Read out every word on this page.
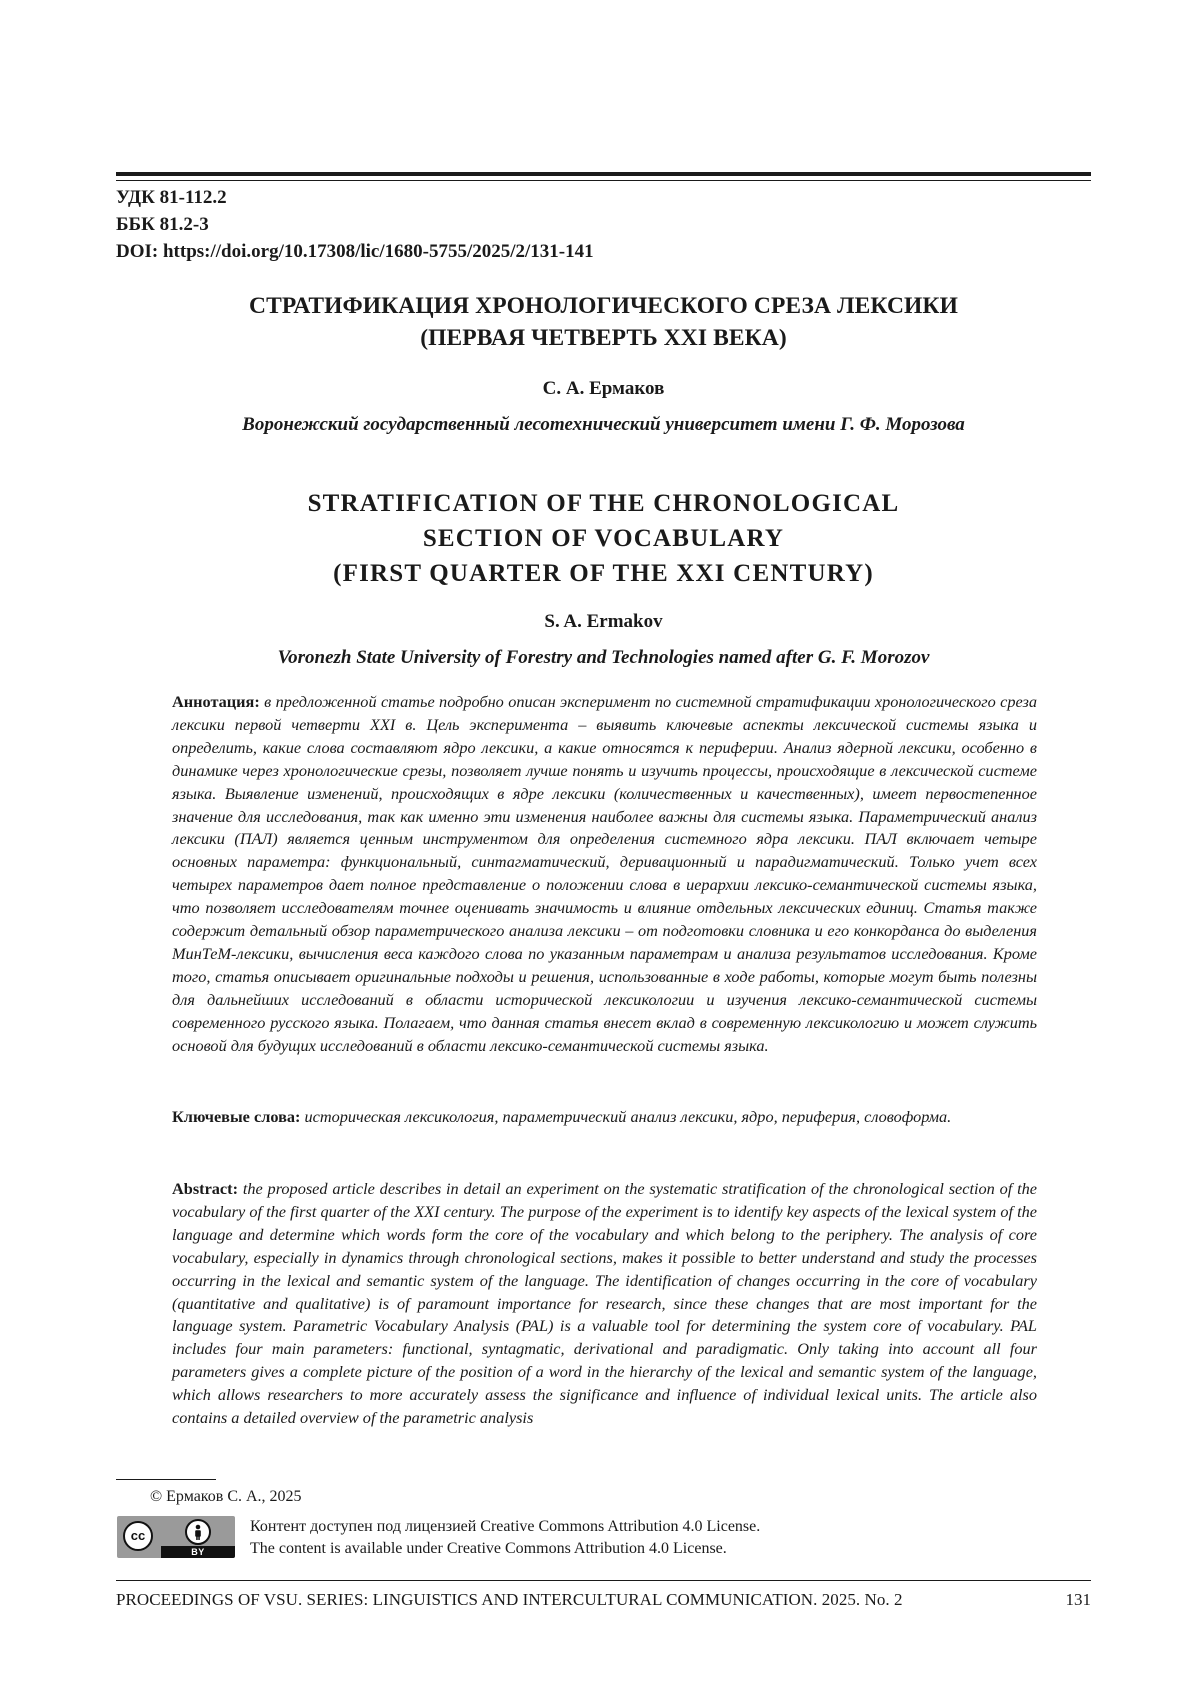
УДК 81-112.2
ББК 81.2-3
DOI: https://doi.org/10.17308/lic/1680-5755/2025/2/131-141
СТРАТИФИКАЦИЯ ХРОНОЛОГИЧЕСКОГО СРЕЗА ЛЕКСИКИ
(ПЕРВАЯ ЧЕТВЕРТЬ XXI ВЕКА)
С. А. Ермаков
Воронежский государственный лесотехнический университет имени Г. Ф. Морозова
STRATIFICATION OF THE CHRONOLOGICAL
SECTION OF VOCABULARY
(FIRST QUARTER OF THE XXI CENTURY)
S. A. Ermakov
Voronezh State University of Forestry and Technologies named after G. F. Morozov
Аннотация: в предложенной статье подробно описан эксперимент по системной стратификации хронологического среза лексики первой четверти XXI в. Цель эксперимента – выявить ключевые аспекты лексической системы языка и определить, какие слова составляют ядро лексики, а какие относятся к периферии. Анализ ядерной лексики, особенно в динамике через хронологические срезы, позволяет лучше понять и изучить процессы, происходящие в лексической системе языка. Выявление изменений, происходящих в ядре лексики (количественных и качественных), имеет первостепенное значение для исследования, так как именно эти изменения наиболее важны для системы языка. Параметрический анализ лексики (ПАЛ) является ценным инструментом для определения системного ядра лексики. ПАЛ включает четыре основных параметра: функциональный, синтагматический, деривационный и парадигматический. Только учет всех четырех параметров дает полное представление о положении слова в иерархии лексико-семантической системы языка, что позволяет исследователям точнее оценивать значимость и влияние отдельных лексических единиц. Статья также содержит детальный обзор параметрического анализа лексики – от подготовки словника и его конкорданса до выделения МинТеМ-лексики, вычисления веса каждого слова по указанным параметрам и анализа результатов исследования. Кроме того, статья описывает оригинальные подходы и решения, использованные в ходе работы, которые могут быть полезны для дальнейших исследований в области исторической лексикологии и изучения лексико-семантической системы современного русского языка. Полагаем, что данная статья внесет вклад в современную лексикологию и может служить основой для будущих исследований в области лексико-семантической системы языка.
Ключевые слова: историческая лексикология, параметрический анализ лексики, ядро, периферия, словоформа.
Abstract: the proposed article describes in detail an experiment on the systematic stratification of the chronological section of the vocabulary of the first quarter of the XXI century. The purpose of the experiment is to identify key aspects of the lexical system of the language and determine which words form the core of the vocabulary and which belong to the periphery. The analysis of core vocabulary, especially in dynamics through chronological sections, makes it possible to better understand and study the processes occurring in the lexical and semantic system of the language. The identification of changes occurring in the core of vocabulary (quantitative and qualitative) is of paramount importance for research, since these changes that are most important for the language system. Parametric Vocabulary Analysis (PAL) is a valuable tool for determining the system core of vocabulary. PAL includes four main parameters: functional, syntagmatic, derivational and paradigmatic. Only taking into account all four parameters gives a complete picture of the position of a word in the hierarchy of the lexical and semantic system of the language, which allows researchers to more accurately assess the significance and influence of individual lexical units. The article also contains a detailed overview of the parametric analysis
© Ермаков С. А., 2025
cc
BY
Контент доступен под лицензией Creative Commons Attribution 4.0 License.
The content is available under Creative Commons Attribution 4.0 License.
PROCEEDINGS OF VSU. SERIES: LINGUISTICS AND INTERCULTURAL COMMUNICATION. 2025. No. 2	131
